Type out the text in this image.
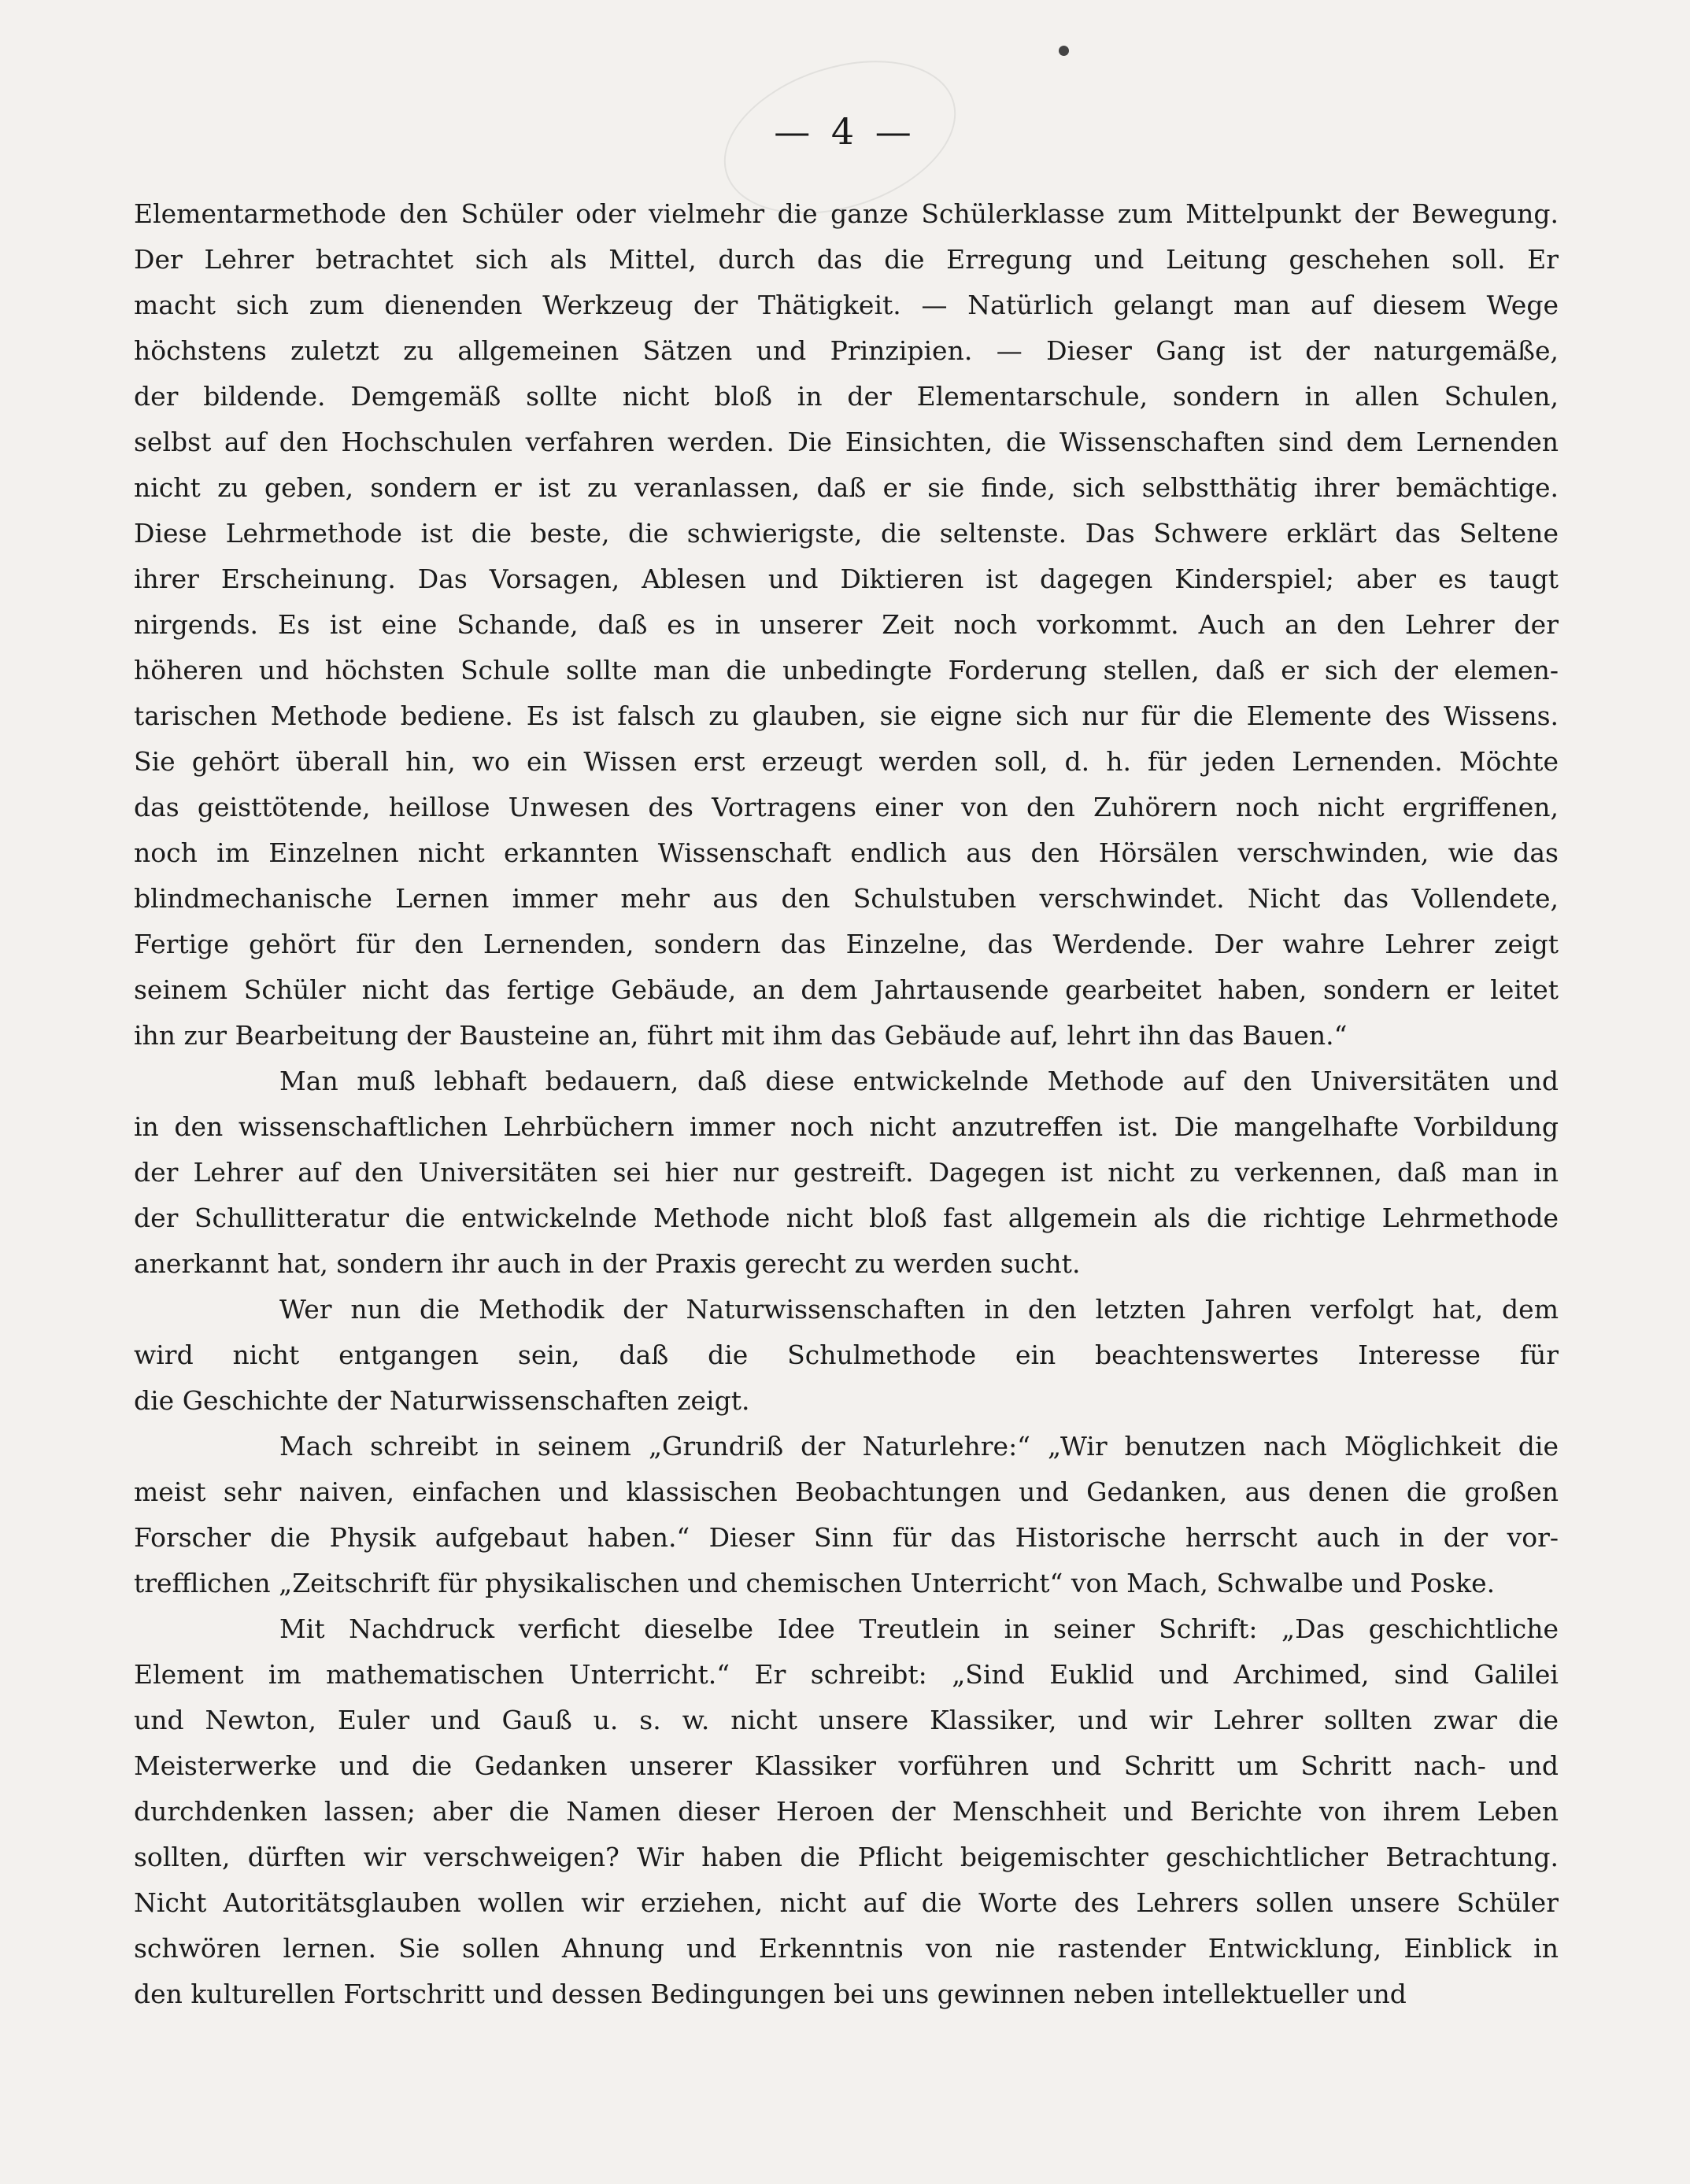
— 4 —
Elementarmethode den Schüler oder vielmehr die ganze Schülerklasse zum Mittelpunkt der Bewegung.
Der Lehrer betrachtet sich als Mittel, durch das die Erregung und Leitung geschehen soll. Er
macht sich zum dienenden Werkzeug der Thätigkeit. — Natürlich gelangt man auf diesem Wege
höchstens zuletzt zu allgemeinen Sätzen und Prinzipien. — Dieser Gang ist der naturgemäße,
der bildende. Demgemäß sollte nicht bloß in der Elementarschule, sondern in allen Schulen,
selbst auf den Hochschulen verfahren werden. Die Einsichten, die Wissenschaften sind dem Lernenden
nicht zu geben, sondern er ist zu veranlassen, daß er sie finde, sich selbstthätig ihrer bemächtige.
Diese Lehrmethode ist die beste, die schwierigste, die seltenste. Das Schwere erklärt das Seltene
ihrer Erscheinung. Das Vorsagen, Ablesen und Diktieren ist dagegen Kinderspiel; aber es taugt
nirgends. Es ist eine Schande, daß es in unserer Zeit noch vorkommt. Auch an den Lehrer der
höheren und höchsten Schule sollte man die unbedingte Forderung stellen, daß er sich der elemen-
tarischen Methode bediene. Es ist falsch zu glauben, sie eigne sich nur für die Elemente des Wissens.
Sie gehört überall hin, wo ein Wissen erst erzeugt werden soll, d. h. für jeden Lernenden. Möchte
das geisttötende, heillose Unwesen des Vortragens einer von den Zuhörern noch nicht ergriffenen,
noch im Einzelnen nicht erkannten Wissenschaft endlich aus den Hörsälen verschwinden, wie das
blindmechanische Lernen immer mehr aus den Schulstuben verschwindet. Nicht das Vollendete,
Fertige gehört für den Lernenden, sondern das Einzelne, das Werdende. Der wahre Lehrer zeigt
seinem Schüler nicht das fertige Gebäude, an dem Jahrtausende gearbeitet haben, sondern er leitet
ihn zur Bearbeitung der Bausteine an, führt mit ihm das Gebäude auf, lehrt ihn das Bauen.“
Man muß lebhaft bedauern, daß diese entwickelnde Methode auf den Universitäten und
in den wissenschaftlichen Lehrbüchern immer noch nicht anzutreffen ist. Die mangelhafte Vorbildung
der Lehrer auf den Universitäten sei hier nur gestreift. Dagegen ist nicht zu verkennen, daß man in
der Schullitteratur die entwickelnde Methode nicht bloß fast allgemein als die richtige Lehrmethode
anerkannt hat, sondern ihr auch in der Praxis gerecht zu werden sucht.
Wer nun die Methodik der Naturwissenschaften in den letzten Jahren verfolgt hat, dem
wird nicht entgangen sein, daß die Schulmethode ein beachtenswertes Interesse für
die Geschichte der Naturwissenschaften zeigt.
Mach schreibt in seinem „Grundriß der Naturlehre:“ „Wir benutzen nach Möglichkeit die
meist sehr naiven, einfachen und klassischen Beobachtungen und Gedanken, aus denen die großen
Forscher die Physik aufgebaut haben.“ Dieser Sinn für das Historische herrscht auch in der vor-
trefflichen „Zeitschrift für physikalischen und chemischen Unterricht“ von Mach, Schwalbe und Poske.
Mit Nachdruck verficht dieselbe Idee Treutlein in seiner Schrift: „Das geschichtliche
Element im mathematischen Unterricht.“ Er schreibt: „Sind Euklid und Archimed, sind Galilei
und Newton, Euler und Gauß u. s. w. nicht unsere Klassiker, und wir Lehrer sollten zwar die
Meisterwerke und die Gedanken unserer Klassiker vorführen und Schritt um Schritt nach- und
durchdenken lassen; aber die Namen dieser Heroen der Menschheit und Berichte von ihrem Leben
sollten, dürften wir verschweigen? Wir haben die Pflicht beigemischter geschichtlicher Betrachtung.
Nicht Autoritätsglauben wollen wir erziehen, nicht auf die Worte des Lehrers sollen unsere Schüler
schwören lernen. Sie sollen Ahnung und Erkenntnis von nie rastender Entwicklung, Einblick in
den kulturellen Fortschritt und dessen Bedingungen bei uns gewinnen neben intellektueller und
